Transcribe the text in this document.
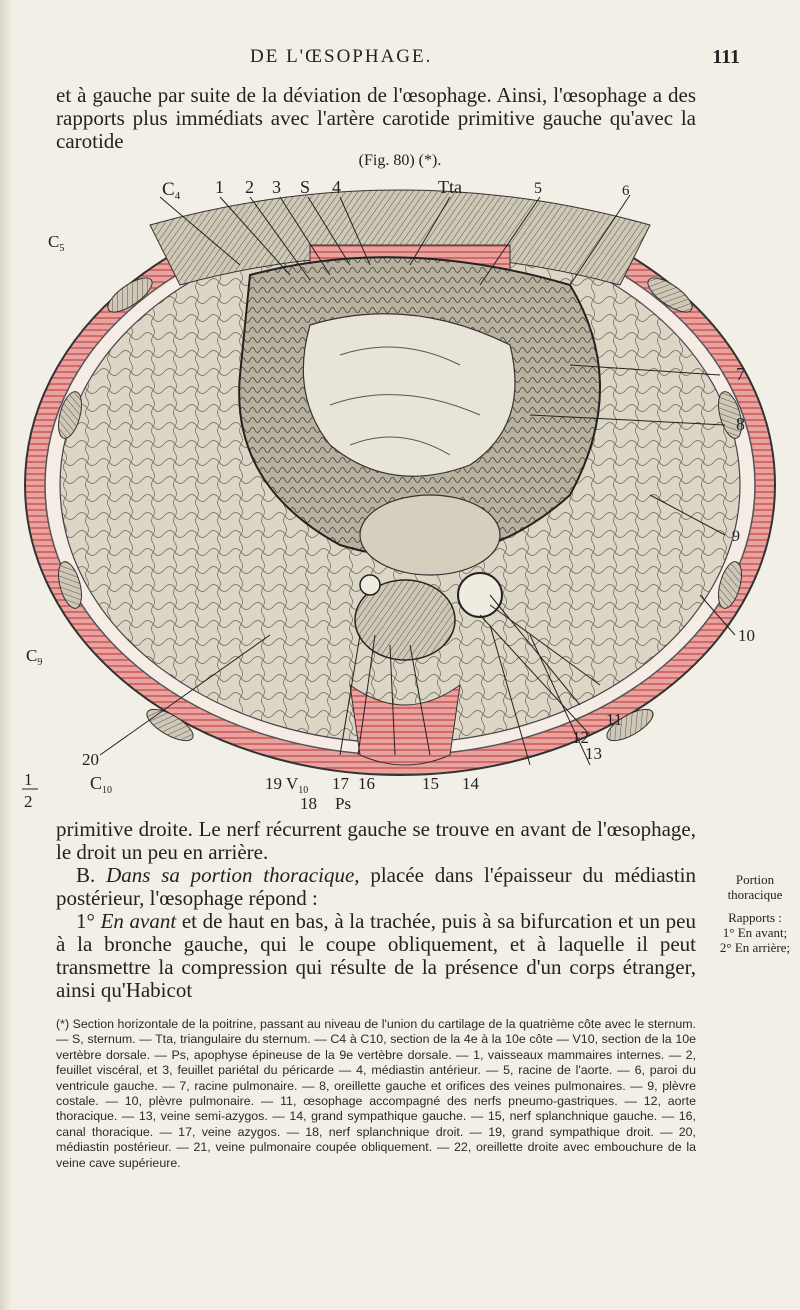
DE L'ŒSOPHAGE.	111
et à gauche par suite de la déviation de l'œsophage. Ainsi, l'œsophage a des rapports plus immédiats avec l'artère carotide primitive gauche qu'avec la carotide
(Fig. 80) (*).
$C_4$ 1 2 3 S 4	Tta	5
$C_5$
6
7
8
9
10
$C_9$
20
11
12
13
1
2
$C_{10}$	19 $V_{10}$ 17 16	15 14
18 Ps

primitive droite. Le nerf récurrent gauche se trouve en avant de l'œsophage, le droit un peu en arrière.

B. Dans sa portion thoracique, placée dans l'épaisseur du médiastin postérieur, l'œsophage répond :

1° En avant et de haut en bas, à la trachée, puis à sa bifurcation et un peu à la bronche gauche, qui le coupe obliquement, et à laquelle il peut transmettre la compression qui résulte de la présence d'un corps étranger, ainsi qu'Habicot

Portion thoracique
Rapports :
1° En avant;
2° En arrière;
(*) Section horizontale de la poitrine, passant au niveau de l'union du cartilage de la quatrième côte avec le sternum. — S, sternum. — Tta, triangulaire du sternum. — C4 à C10, section de la 4e à la 10e côte — V10, section de la 10e vertèbre dorsale. — Ps, apophyse épineuse de la 9e vertèbre dorsale. — 1, vaisseaux mammaires internes. — 2, feuillet viscéral, et 3, feuillet pariétal du péricarde — 4, médiastin antérieur. — 5, racine de l'aorte. — 6, paroi du ventricule gauche. — 7, racine pulmonaire. — 8, oreillette gauche et orifices des veines pulmonaires. — 9, plèvre costale. — 10, plèvre pulmonaire. — 11, œsophage accompagné des nerfs pneumo-gastriques. — 12, aorte thoracique. — 13, veine semi-azygos. — 14, grand sympathique gauche. — 15, nerf splanchnique gauche. — 16, canal thoracique. — 17, veine azygos. — 18, nerf splanchnique droit. — 19, grand sympathique droit. — 20, médiastin postérieur. — 21, veine pulmonaire coupée obliquement. — 22, oreillette droite avec embouchure de la veine cave supérieure.
